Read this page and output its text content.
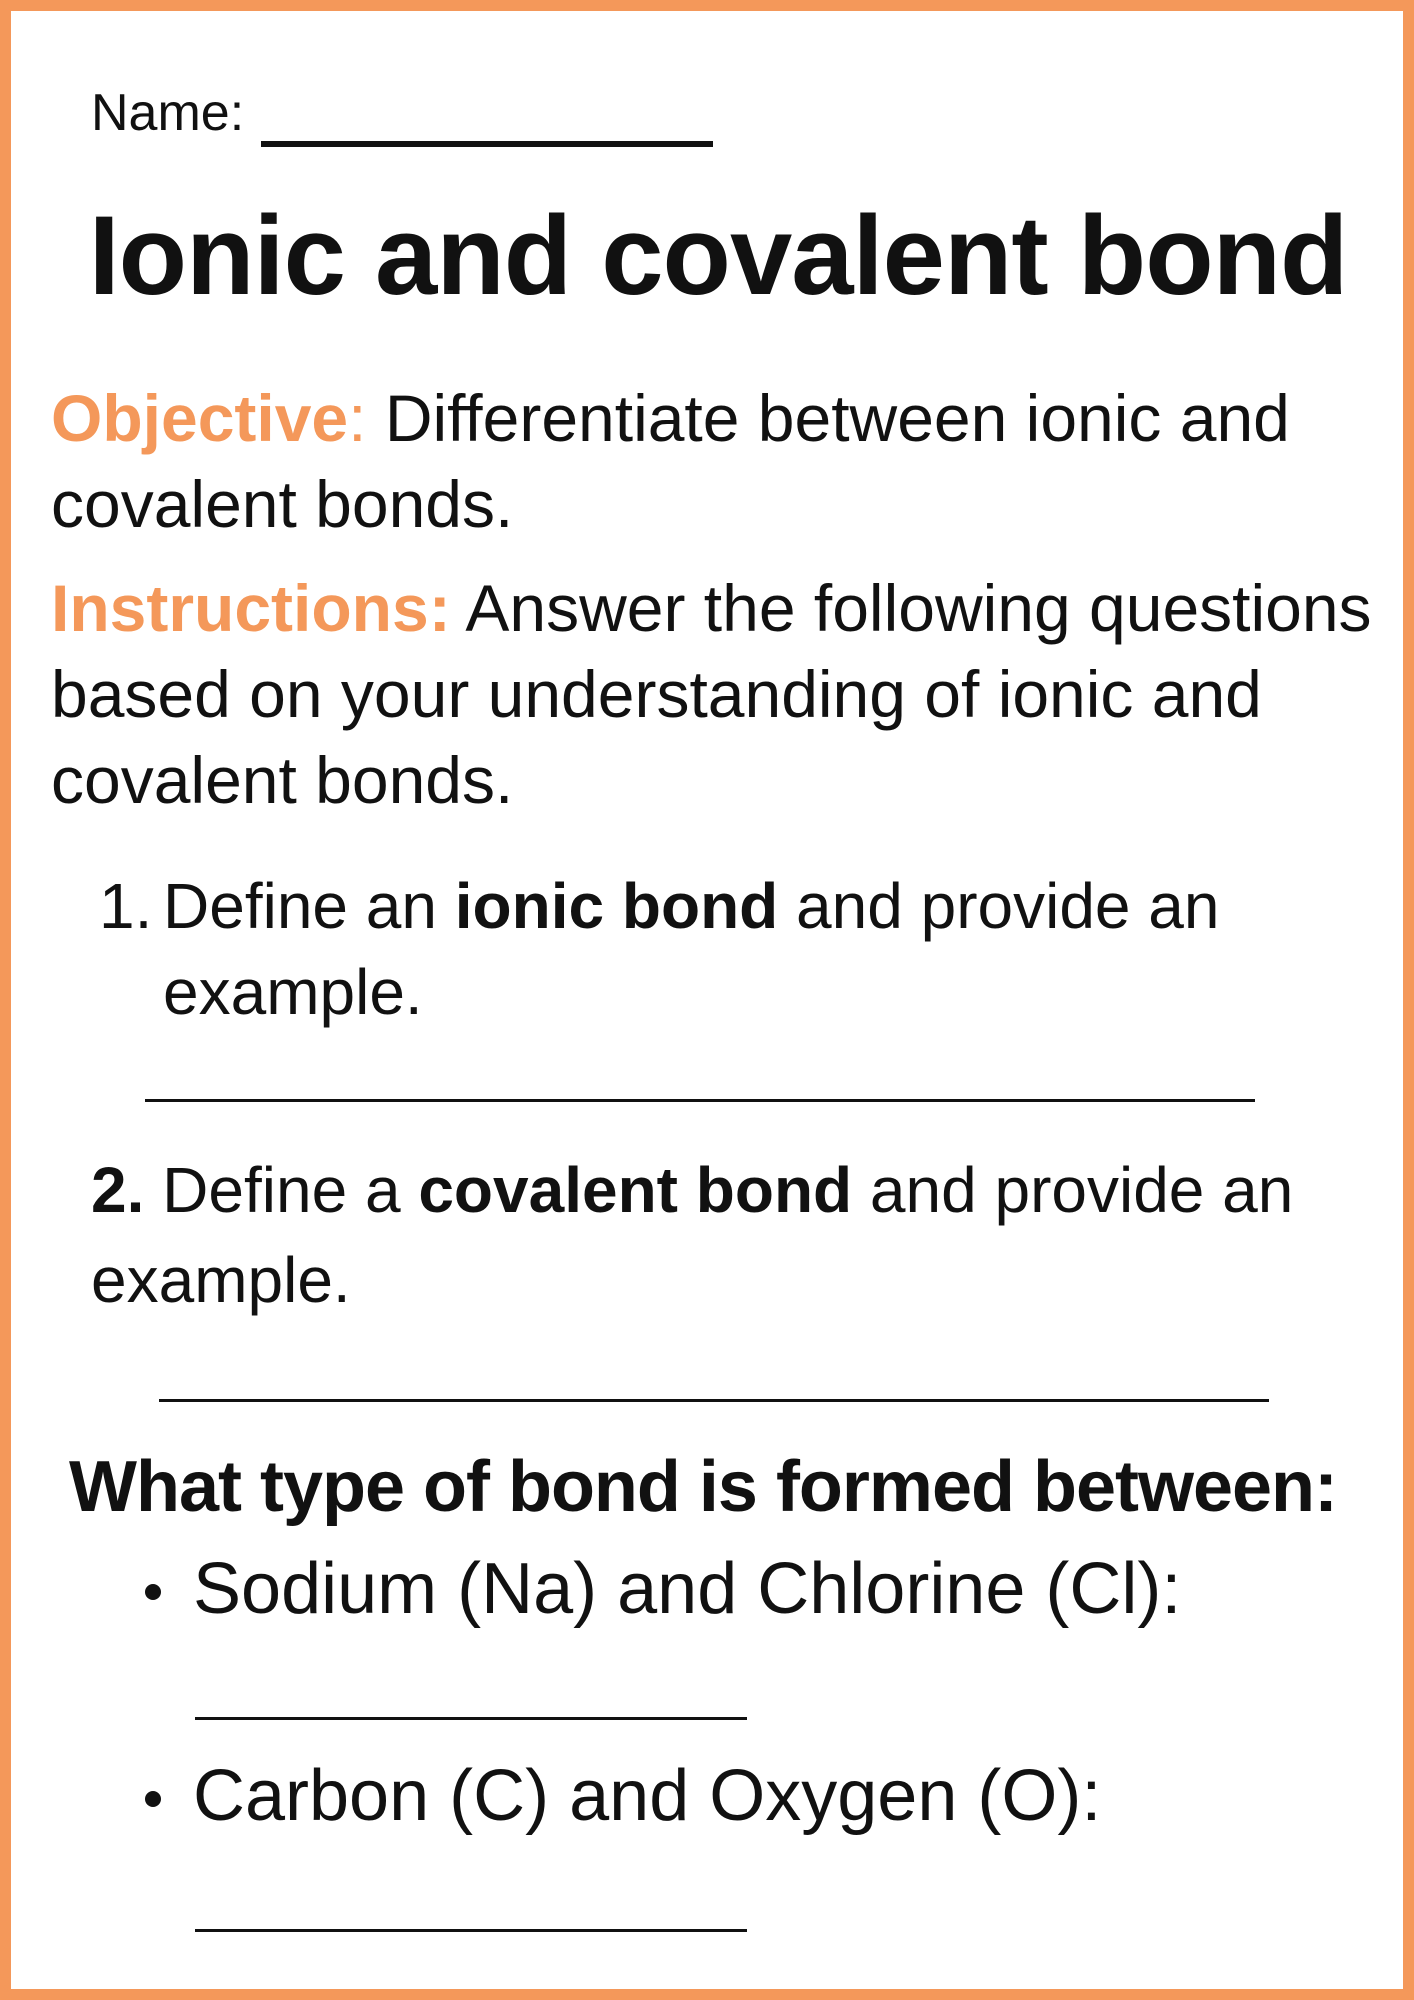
Name:
Ionic and covalent bond
Objective: Differentiate between ionic and
covalent bonds.
Instructions: Answer the following questions
based on your understanding of ionic and
covalent bonds.
1. Define an ionic bond and provide an
example.
2. Define a covalent bond and provide an
example.
What type of bond is formed between:
Sodium (Na) and Chlorine (Cl):
Carbon (C) and Oxygen (O):
